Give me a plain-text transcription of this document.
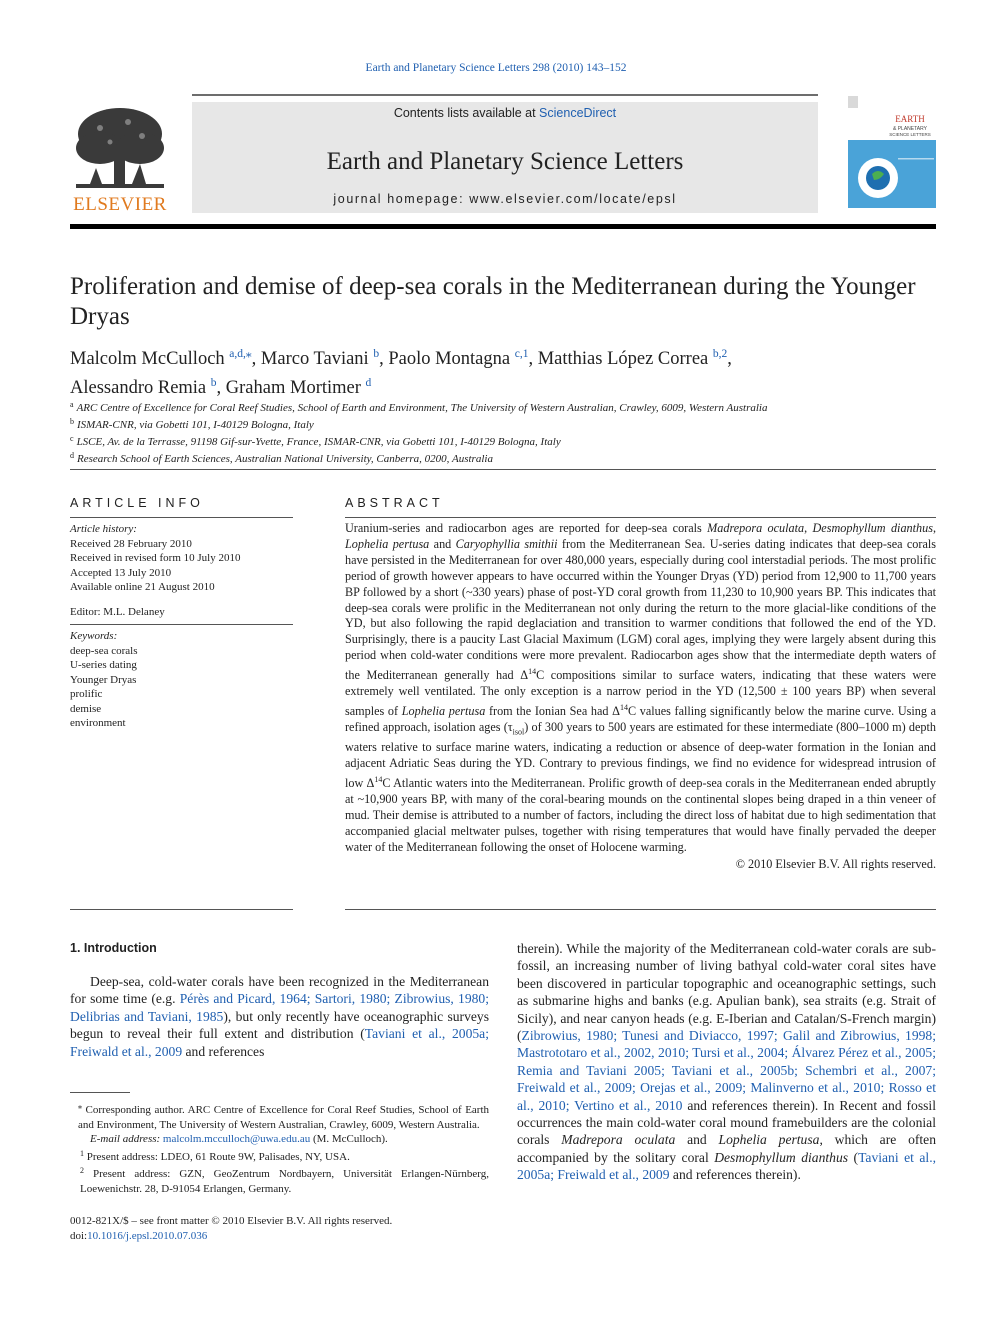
Earth and Planetary Science Letters 298 (2010) 143–152
ELSEVIER
Contents lists available at ScienceDirect
Earth and Planetary Science Letters
journal homepage: www.elsevier.com/locate/epsl
EARTH
& PLANETARY
SCIENCE LETTERS
Proliferation and demise of deep-sea corals in the Mediterranean during the Younger Dryas
Malcolm McCulloch $^{a,d,⁎}$, Marco Taviani $^b$, Paolo Montagna $^{c,1}$, Matthias López Correa $^{b,2}$,
Alessandro Remia $^b$, Graham Mortimer $^d$
$^a$ ARC Centre of Excellence for Coral Reef Studies, School of Earth and Environment, The University of Western Australian, Crawley, 6009, Western Australia
$^b$ ISMAR-CNR, via Gobetti 101, I-40129 Bologna, Italy
$^c$ LSCE, Av. de la Terrasse, 91198 Gif-sur-Yvette, France, ISMAR-CNR, via Gobetti 101, I-40129 Bologna, Italy
$^d$ Research School of Earth Sciences, Australian National University, Canberra, 0200, Australia
ARTICLE INFO
Article history:
Received 28 February 2010
Received in revised form 10 July 2010
Accepted 13 July 2010
Available online 21 August 2010
Editor: M.L. Delaney
Keywords:
deep-sea corals
U-series dating
Younger Dryas
prolific
demise
environment
ABSTRACT
Uranium-series and radiocarbon ages are reported for deep-sea corals Madrepora oculata, Desmophyllum dianthus, Lophelia pertusa and Caryophyllia smithii from the Mediterranean Sea. U-series dating indicates that deep-sea corals have persisted in the Mediterranean for over 480,000 years, especially during cool interstadial periods. The most prolific period of growth however appears to have occurred within the Younger Dryas (YD) period from 12,900 to 11,700 years BP followed by a short (~330 years) phase of post-YD coral growth from 11,230 to 10,900 years BP. This indicates that deep-sea corals were prolific in the Mediterranean not only during the return to the more glacial-like conditions of the YD, but also following the rapid deglaciation and transition to warmer conditions that followed the end of the YD. Surprisingly, there is a paucity Last Glacial Maximum (LGM) coral ages, implying they were largely absent during this period when cold-water conditions were more prevalent. Radiocarbon ages show that the intermediate depth waters of the Mediterranean generally had $\Delta^{14}C$ compositions similar to surface waters, indicating that these waters were extremely well ventilated. The only exception is a narrow period in the YD (12,500 ± 100 years BP) when several samples of Lophelia pertusa from the Ionian Sea had $\Delta^{14}C$ values falling significantly below the marine curve. Using a refined approach, isolation ages $(\tau_{isol})$ of 300 years to 500 years are estimated for these intermediate (800–1000 m) depth waters relative to surface marine waters, indicating a reduction or absence of deep-water formation in the Ionian and adjacent Adriatic Seas during the YD. Contrary to previous findings, we find no evidence for widespread intrusion of low $\Delta^{14}C$ Atlantic waters into the Mediterranean. Prolific growth of deep-sea corals in the Mediterranean ended abruptly at ~10,900 years BP, with many of the coral-bearing mounds on the continental slopes being draped in a thin veneer of mud. Their demise is attributed to a number of factors, including the direct loss of habitat due to high sedimentation that accompanied glacial meltwater pulses, together with rising temperatures that would have finally pervaded the deeper water of the Mediterranean following the onset of Holocene warming.
© 2010 Elsevier B.V. All rights reserved.
1. Introduction

Deep-sea, cold-water corals have been recognized in the Mediterranean for some time (e.g. Pérès and Picard, 1964; Sartori, 1980; Zibrowius, 1980; Delibrias and Taviani, 1985), but only recently have oceanographic surveys begun to reveal their full extent and distribution (Taviani et al., 2005a; Freiwald et al., 2009 and references

therein). While the majority of the Mediterranean cold-water corals are sub-fossil, an increasing number of living bathyal cold-water coral sites have been discovered in particular topographic and oceanographic settings, such as submarine highs and banks (e.g. Apulian bank), sea straits (e.g. Strait of Sicily), and near canyon heads (e.g. E-Iberian and Catalan/S-French margin) (Zibrowius, 1980; Tunesi and Diviacco, 1997; Galil and Zibrowius, 1998; Mastrototaro et al., 2002, 2010; Tursi et al., 2004; Álvarez Pérez et al., 2005; Remia and Taviani 2005; Taviani et al., 2005b; Schembri et al., 2007; Freiwald et al., 2009; Orejas et al., 2009; Malinverno et al., 2010; Rosso et al., 2010; Vertino et al., 2010 and references therein). In Recent and fossil occurrences the main cold-water coral mound framebuilders are the colonial corals Madrepora oculata and Lophelia pertusa, which are often accompanied by the solitary coral Desmophyllum dianthus (Taviani et al., 2005a; Freiwald et al., 2009 and references therein).

⁎ Corresponding author. ARC Centre of Excellence for Coral Reef Studies, School of Earth and Environment, The University of Western Australian, Crawley, 6009, Western Australia.
E-mail address: malcolm.mcculloch@uwa.edu.au (M. McCulloch).
$^1$ Present address: LDEO, 61 Route 9W, Palisades, NY, USA.
$^2$ Present address: GZN, GeoZentrum Nordbayern, Universität Erlangen-Nürnberg, Loewenichstr. 28, D-91054 Erlangen, Germany.
0012-821X/$ – see front matter © 2010 Elsevier B.V. All rights reserved.
doi:10.1016/j.epsl.2010.07.036
